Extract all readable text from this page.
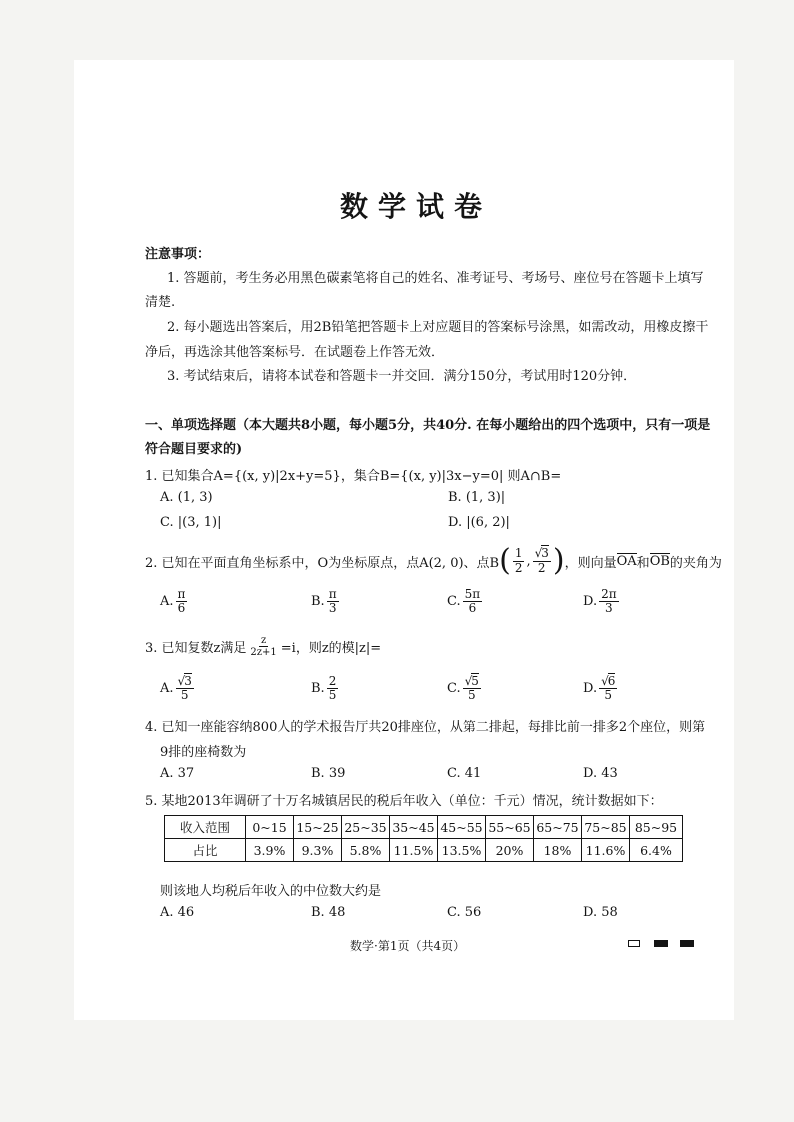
数学试卷
注意事项：
1. 答题前，考生务必用黑色碳素笔将自己的姓名、准考证号、考场号、座位号在答题卡上填写
清楚.
2. 每小题选出答案后，用2B铅笔把答题卡上对应题目的答案标号涂黑，如需改动，用橡皮擦干
净后，再选涂其他答案标号．在试题卷上作答无效．
3. 考试结束后，请将本试卷和答题卡一并交回．满分150分，考试用时120分钟．
一、单项选择题（本大题共8小题，每小题5分，共40分. 在每小题给出的四个选项中，只有一项是
符合题目要求的)
1. 已知集合A={(x, y)|2x+y=5}，集合B={(x, y)|3x−y=0| 则A∩B=
A. (1, 3)	B. (1, 3)|
C. |(3, 1)|	D. |(6, 2)|
2. 已知在平面直角坐标系中，O为坐标原点，点A(2, 0)、点B ( $\frac{1}{2}$ , $\frac{√3}{2}$ ) ，则向量 OA 和 OB 的夹角为
A. $\frac{\pi}{6}$	B. $\frac{\pi}{3}$	C. $\frac{5\pi}{6}$	D. $\frac{2\pi}{3}$
3. 已知复数z满足 $\frac{z}{2z+1} =i$，则z的模|z|=
A. $\frac{√3}{5}$	B. $\frac{2}{5}$	C. $\frac{√5}{5}$	D. $\frac{√6}{5}$
4. 已知一座能容纳800人的学术报告厅共20排座位，从第二排起，每排比前一排多2个座位，则第
9排的座椅数为
A. 37	B. 39	C. 41	D. 43
5. 某地2013年调研了十万名城镇居民的税后年收入（单位：千元）情况，统计数据如下：
收入范围	0~15	15~25	25~35	35~45	45~55	55~65	65~75	75~85	85~95
占比	3.9%	9.3%	5.8%	11.5%	13.5%	20%	18%	11.6%	6.4%
则该地人均税后年收入的中位数大约是
A. 46	B. 48	C. 56	D. 58
数学·第1页（共4页）
